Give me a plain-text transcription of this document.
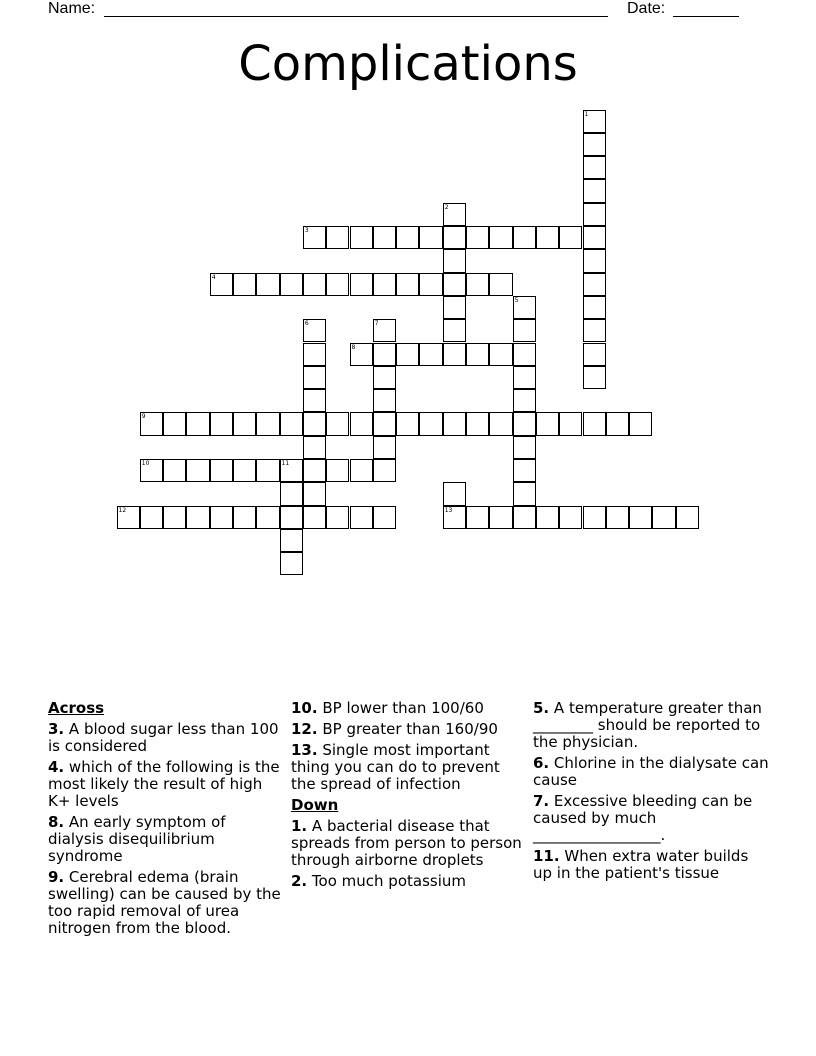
Name:	Date:
Complications
1
2
3
4
5
6	7
8
9
10	11
12	13
Across
3. A blood sugar less than 100 is considered
4. which of the following is the most likely the result of high K+ levels
8. An early symptom of dialysis disequilibrium syndrome
9. Cerebral edema (brain swelling) can be caused by the too rapid removal of urea nitrogen from the blood.
10. BP lower than 100/60
12. BP greater than 160/90
13. Single most important thing you can do to prevent the spread of infection
Down
1. A bacterial disease that spreads from person to person through airborne droplets
2. Too much potassium
5. A temperature greater than ________ should be reported to the physician.
6. Chlorine in the dialysate can cause
7. Excessive bleeding can be caused by much _________________.
11. When extra water builds up in the patient's tissue
